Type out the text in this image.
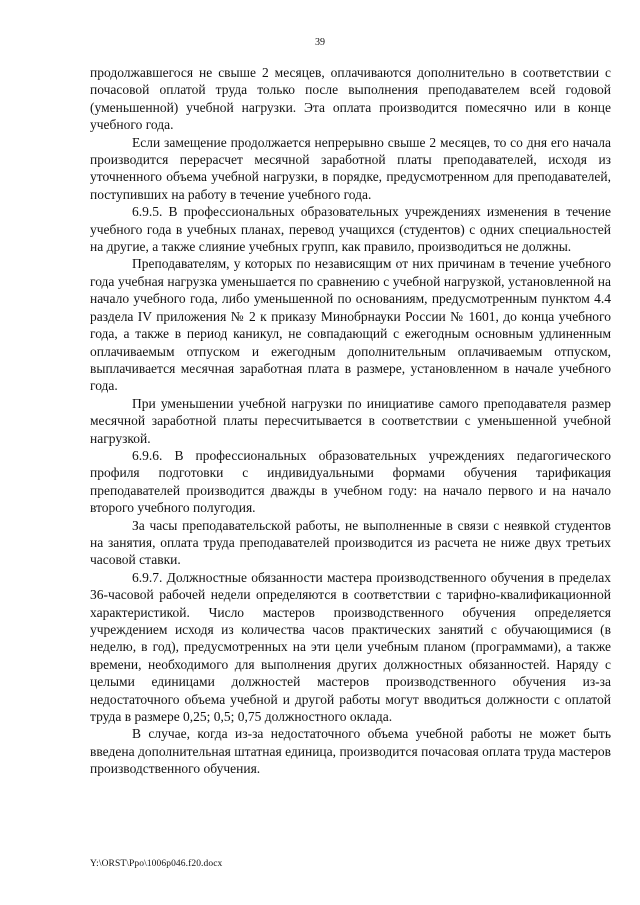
39

продолжавшегося не свыше 2 месяцев, оплачиваются дополнительно в соответствии с почасовой оплатой труда только после выполнения преподавателем всей годовой (уменьшенной) учебной нагрузки. Эта оплата производится помесячно или в конце учебного года.

Если замещение продолжается непрерывно свыше 2 месяцев, то со дня его начала производится перерасчет месячной заработной платы преподавателей, исходя из уточненного объема учебной нагрузки, в порядке, предусмотренном для преподавателей, поступивших на работу в течение учебного года.

6.9.5. В профессиональных образовательных учреждениях изменения в течение учебного года в учебных планах, перевод учащихся (студентов) с одних специальностей на другие, а также слияние учебных групп, как правило, производиться не должны.

Преподавателям, у которых по независящим от них причинам в течение учебного года учебная нагрузка уменьшается по сравнению с учебной нагрузкой, установленной на начало учебного года, либо уменьшенной по основаниям, предусмотренным пунктом 4.4 раздела IV приложения № 2 к приказу Минобрнауки России № 1601, до конца учебного года, а также в период каникул, не совпадающий с ежегодным основным удлиненным оплачиваемым отпуском и ежегодным дополнительным оплачиваемым отпуском, выплачивается месячная заработная плата в размере, установленном в начале учебного года.

При уменьшении учебной нагрузки по инициативе самого преподавателя размер месячной заработной платы пересчитывается в соответствии с уменьшенной учебной нагрузкой.

6.9.6. В профессиональных образовательных учреждениях педагогического профиля подготовки с индивидуальными формами обучения тарификация преподавателей производится дважды в учебном году: на начало первого и на начало второго учебного полугодия.

За часы преподавательской работы, не выполненные в связи с неявкой студентов на занятия, оплата труда преподавателей производится из расчета не ниже двух третьих часовой ставки.

6.9.7. Должностные обязанности мастера производственного обучения в пределах 36-часовой рабочей недели определяются в соответствии с тарифно-квалификационной характеристикой. Число мастеров производственного обучения определяется учреждением исходя из количества часов практических занятий с обучающимися (в неделю, в год), предусмотренных на эти цели учебным планом (программами), а также времени, необходимого для выполнения других должностных обязанностей. Наряду с целыми единицами должностей мастеров производственного обучения из-за недостаточного объема учебной и другой работы могут вводиться должности с оплатой труда в размере 0,25; 0,5; 0,75 должностного оклада.

В случае, когда из-за недостаточного объема учебной работы не может быть введена дополнительная штатная единица, производится почасовая оплата труда мастеров производственного обучения.

Y:\ORST\Ppo\1006p046.f20.docx
